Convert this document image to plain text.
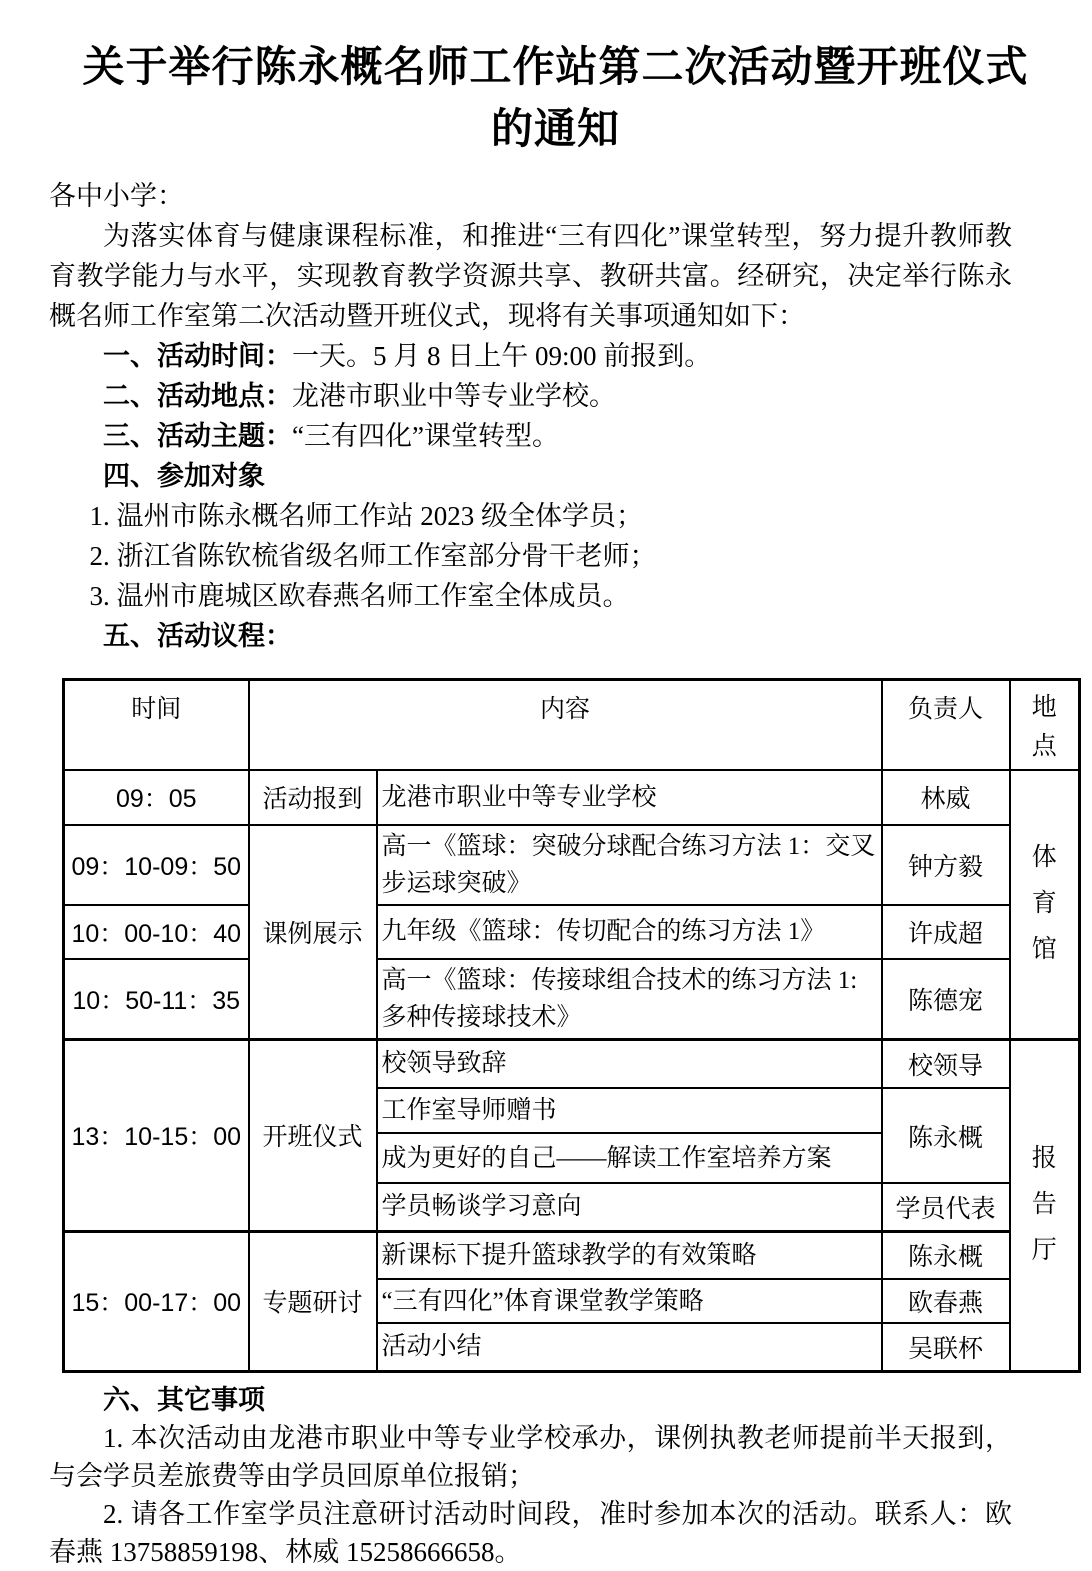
关于举行陈永概名师工作站第二次活动暨开班仪式
的通知

各中小学：

为落实体育与健康课程标准，和推进“三有四化”课堂转型，努力提升教师教育教学能力与水平，实现教育教学资源共享、教研共富。经研究，决定举行陈永概名师工作室第二次活动暨开班仪式，现将有关事项通知如下：

一、活动时间：一天。5 月 8 日上午 09:00 前报到。

二、活动地点：龙港市职业中等专业学校。

三、活动主题：“三有四化”课堂转型。

四、参加对象

1. 温州市陈永概名师工作站 2023 级全体学员；

2. 浙江省陈钦梳省级名师工作室部分骨干老师；

3. 温州市鹿城区欧春燕名师工作室全体成员。

五、活动议程：

时间	内容		负责人	地点

09：05	活动报到	龙港市职业中等专业学校	林威	体育馆

09：10-09：50	课例展示	高一《篮球：突破分球配合练习方法 1：交叉步运球突破》	钟方毅	
10：00-10：40		九年级《篮球：传切配合的练习方法 1》	许成超	
10：50-11：35		高一《篮球：传接球组合技术的练习方法 1:多种传接球技术》	陈德宠	
13：10-15：00	开班仪式	校领导致辞	校领导	报告厅

		工作室导师赠书	陈永概	
		成为更好的自己——解读工作室培养方案		
		学员畅谈学习意向	学员代表	
15：00-17：00	专题研讨	新课标下提升篮球教学的有效策略	陈永概	
		“三有四化”体育课堂教学策略	欧春燕	
		活动小结	吴联杯	

六、其它事项

1. 本次活动由龙港市职业中等专业学校承办，课例执教老师提前半天报到，与会学员差旅费等由学员回原单位报销；

2. 请各工作室学员注意研讨活动时间段，准时参加本次的活动。联系人：欧春燕 13758859198、林威 15258666658。
